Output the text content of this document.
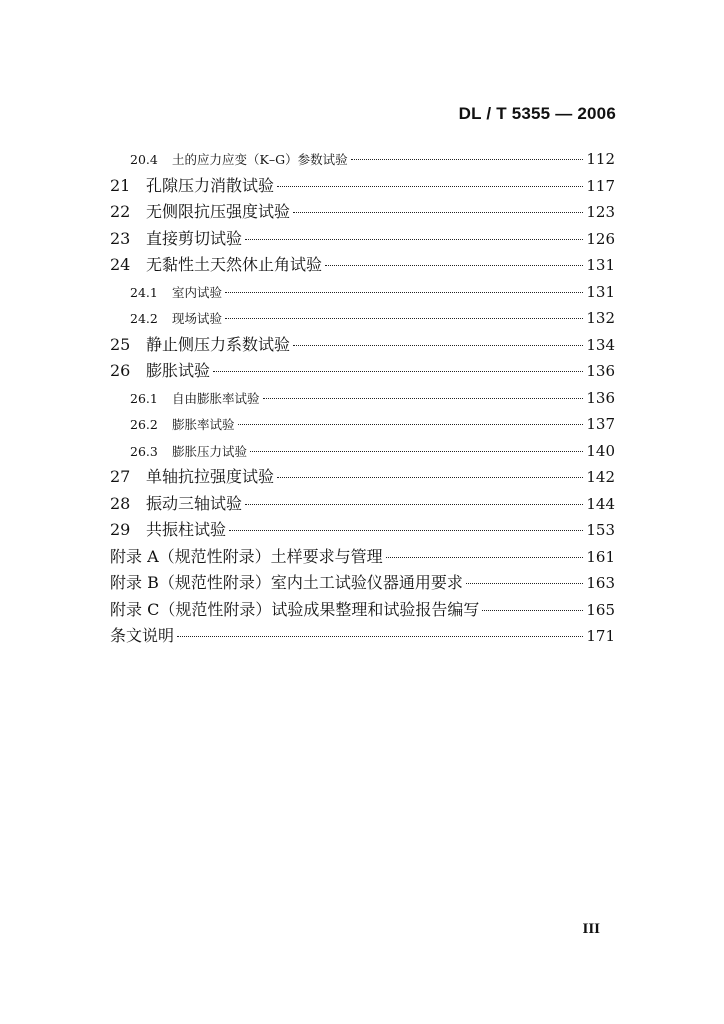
DL / T 5355 — 2006
20.4	土的应力应变（K–G）参数试验	112
21 孔隙压力消散试验	117
22 无侧限抗压强度试验	123
23 直接剪切试验	126
24 无黏性土天然休止角试验	131
24.1	室内试验	131
24.2	现场试验	132
25 静止侧压力系数试验	134
26 膨胀试验	136
26.1	自由膨胀率试验	136
26.2	膨胀率试验	137
26.3	膨胀压力试验	140
27 单轴抗拉强度试验	142
28 振动三轴试验	144
29 共振柱试验	153
附录 A（规范性附录） 土样要求与管理	161
附录 B（规范性附录） 室内土工试验仪器通用要求	163
附录 C（规范性附录） 试验成果整理和试验报告编写	165
条文说明	171
III
